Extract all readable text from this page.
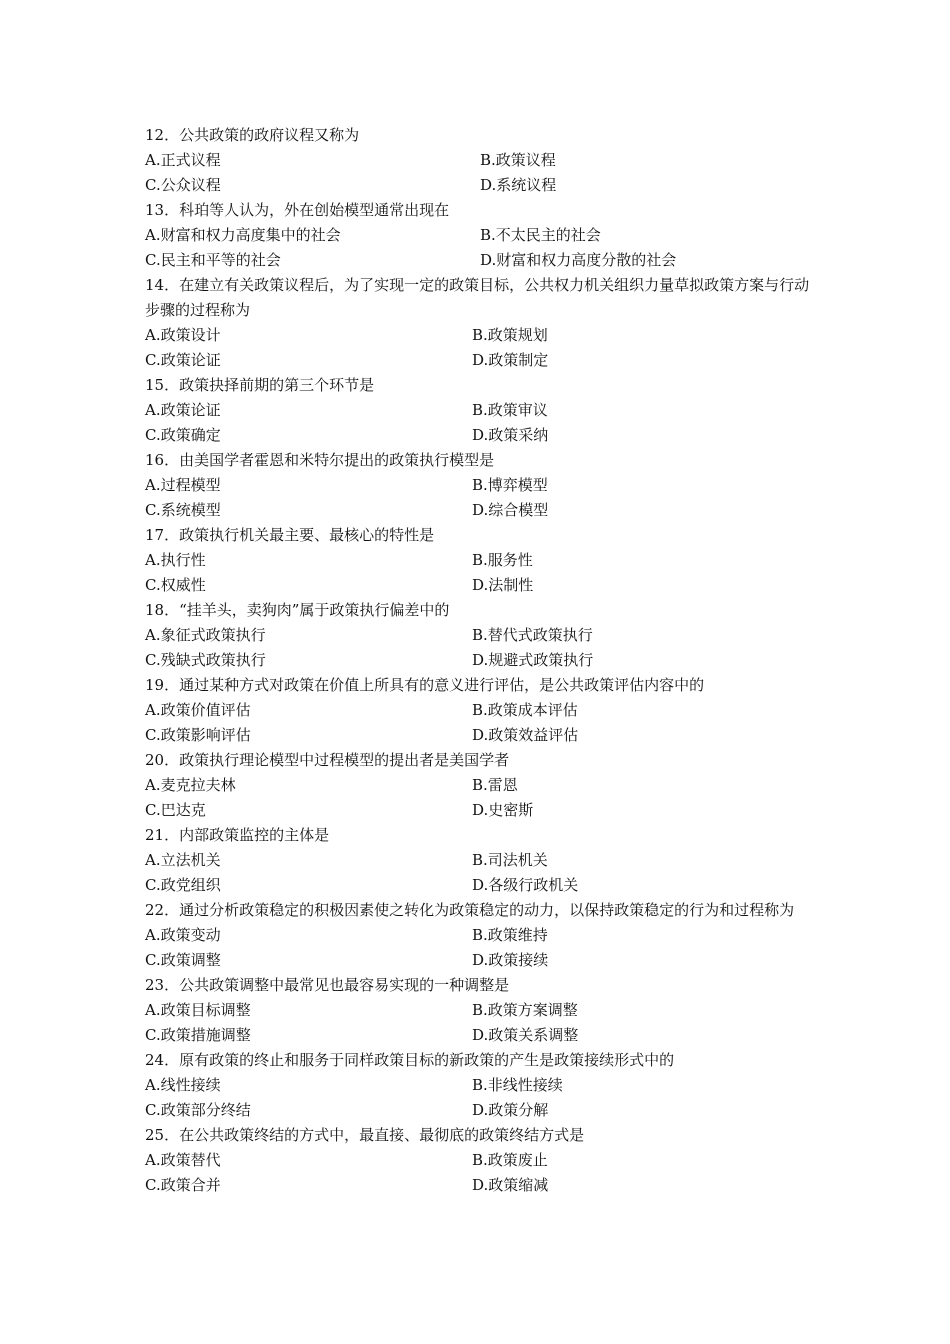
12．公共政策的政府议程又称为
A.正式议程	B.政策议程
C.公众议程	D.系统议程
13．科珀等人认为，外在创始模型通常出现在
A.财富和权力高度集中的社会	B.不太民主的社会
C.民主和平等的社会	D.财富和权力高度分散的社会
14．在建立有关政策议程后，为了实现一定的政策目标，公共权力机关组织力量草拟政策方案与行动步骤的过程称为
A.政策设计	B.政策规划
C.政策论证	D.政策制定
15．政策抉择前期的第三个环节是
A.政策论证	B.政策审议
C.政策确定	D.政策采纳
16．由美国学者霍恩和米特尔提出的政策执行模型是
A.过程模型	B.博弈模型
C.系统模型	D.综合模型
17．政策执行机关最主要、最核心的特性是
A.执行性	B.服务性
C.权威性	D.法制性
18．“挂羊头，卖狗肉”属于政策执行偏差中的
A.象征式政策执行	B.替代式政策执行
C.残缺式政策执行	D.规避式政策执行
19．通过某种方式对政策在价值上所具有的意义进行评估，是公共政策评估内容中的
A.政策价值评估	B.政策成本评估
C.政策影响评估	D.政策效益评估
20．政策执行理论模型中过程模型的提出者是美国学者
A.麦克拉夫林	B.雷恩
C.巴达克	D.史密斯
21．内部政策监控的主体是
A.立法机关	B.司法机关
C.政党组织	D.各级行政机关
22．通过分析政策稳定的积极因素使之转化为政策稳定的动力，以保持政策稳定的行为和过程称为
A.政策变动	B.政策维持
C.政策调整	D.政策接续
23．公共政策调整中最常见也最容易实现的一种调整是
A.政策目标调整	B.政策方案调整
C.政策措施调整	D.政策关系调整
24．原有政策的终止和服务于同样政策目标的新政策的产生是政策接续形式中的
A.线性接续	B.非线性接续
C.政策部分终结	D.政策分解
25．在公共政策终结的方式中，最直接、最彻底的政策终结方式是
A.政策替代	B.政策废止
C.政策合并	D.政策缩减
